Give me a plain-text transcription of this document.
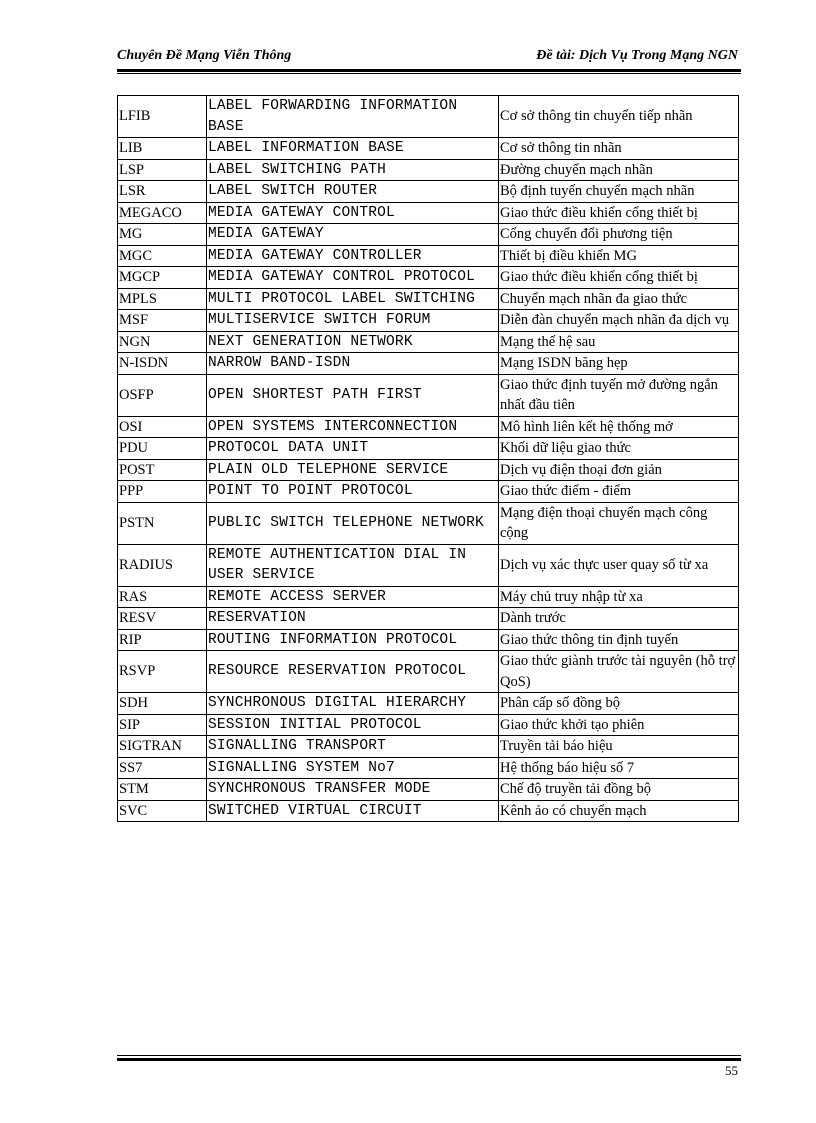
Chuyên Đề Mạng Viễn Thông	Đề tài: Dịch Vụ Trong Mạng NGN
LFIB	LABEL FORWARDING INFORMATION BASE	Cơ sở thông tin chuyển tiếp nhãn
LIB	LABEL INFORMATION BASE	Cơ sở thông tin nhãn
LSP	LABEL SWITCHING PATH	Đường chuyển mạch nhãn
LSR	LABEL SWITCH ROUTER	Bộ định tuyến chuyển mạch nhãn
MEGACO	MEDIA GATEWAY CONTROL	Giao thức điều khiển cổng thiết bị
MG	MEDIA GATEWAY	Cổng chuyển đổi phương tiện
MGC	MEDIA GATEWAY CONTROLLER	Thiết bị điều khiển MG
MGCP	MEDIA GATEWAY CONTROL PROTOCOL	Giao thức điều khiển cổng thiết bị
MPLS	MULTI PROTOCOL LABEL SWITCHING	Chuyển mạch nhãn đa giao thức
MSF	MULTISERVICE SWITCH FORUM	Diễn đàn chuyển mạch nhãn đa dịch vụ
NGN	NEXT GENERATION NETWORK	Mạng thế hệ sau
N-ISDN	NARROW BAND-ISDN	Mạng ISDN băng hẹp
OSFP	OPEN SHORTEST PATH FIRST	Giao thức định tuyến mở đường ngắn nhất đầu tiên
OSI	OPEN SYSTEMS INTERCONNECTION	Mô hình liên kết hệ thống mở
PDU	PROTOCOL DATA UNIT	Khối dữ liệu giao thức
POST	PLAIN OLD TELEPHONE SERVICE	Dịch vụ điện thoại đơn giản
PPP	POINT TO POINT PROTOCOL	Giao thức điểm - điểm
PSTN	PUBLIC SWITCH TELEPHONE NETWORK	Mạng điện thoại chuyển mạch công cộng
RADIUS	REMOTE AUTHENTICATION DIAL IN USER SERVICE	Dịch vụ xác thực user quay số từ xa
RAS	REMOTE ACCESS SERVER	Máy chủ truy nhập từ xa
RESV	RESERVATION	Dành trước
RIP	ROUTING INFORMATION PROTOCOL	Giao thức thông tin định tuyến
RSVP	RESOURCE RESERVATION PROTOCOL	Giao thức giành trước tài nguyên (hỗ trợ QoS)
SDH	SYNCHRONOUS DIGITAL HIERARCHY	Phân cấp số đồng bộ
SIP	SESSION INITIAL PROTOCOL	Giao thức khởi tạo phiên
SIGTRAN	SIGNALLING TRANSPORT	Truyền tải báo hiệu
SS7	SIGNALLING SYSTEM No7	Hệ thống báo hiệu số 7
STM	SYNCHRONOUS TRANSFER MODE	Chế độ truyền tải đồng bộ
SVC	SWITCHED VIRTUAL CIRCUIT	Kênh ảo có chuyển mạch
55
